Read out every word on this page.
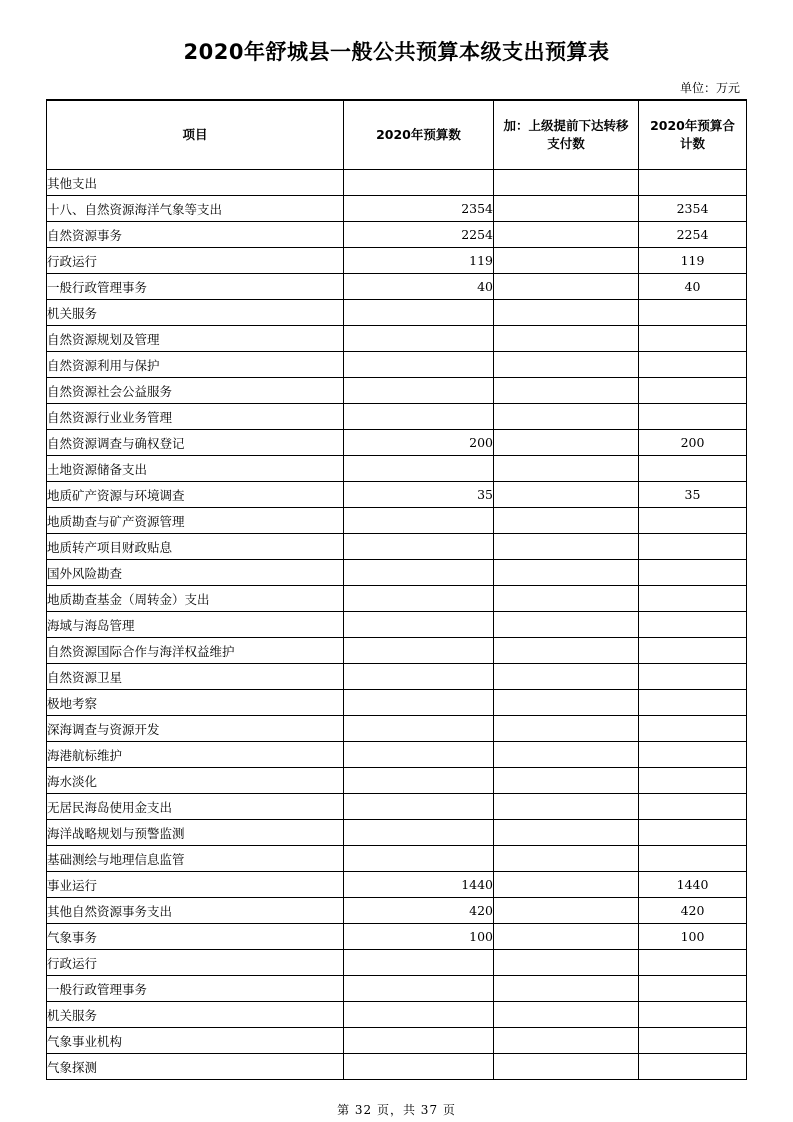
2020年舒城县一般公共预算本级支出预算表
单位：万元
项目	2020年预算数	加：上级提前下达转移支付数	2020年预算合计数
其他支出			
十八、自然资源海洋气象等支出	2354		2354
自然资源事务	2254		2254
行政运行	119		119
一般行政管理事务	40		40
机关服务			
自然资源规划及管理			
自然资源利用与保护			
自然资源社会公益服务			
自然资源行业业务管理			
自然资源调查与确权登记	200		200
土地资源储备支出			
地质矿产资源与环境调查	35		35
地质勘查与矿产资源管理			
地质转产项目财政贴息			
国外风险勘查			
地质勘查基金（周转金）支出			
海域与海岛管理			
自然资源国际合作与海洋权益维护			
自然资源卫星			
极地考察			
深海调查与资源开发			
海港航标维护			
海水淡化			
无居民海岛使用金支出			
海洋战略规划与预警监测			
基础测绘与地理信息监管			
事业运行	1440		1440
其他自然资源事务支出	420		420
气象事务	100		100
行政运行			
一般行政管理事务			
机关服务			
气象事业机构			
气象探测			
第 32 页，共 37 页
